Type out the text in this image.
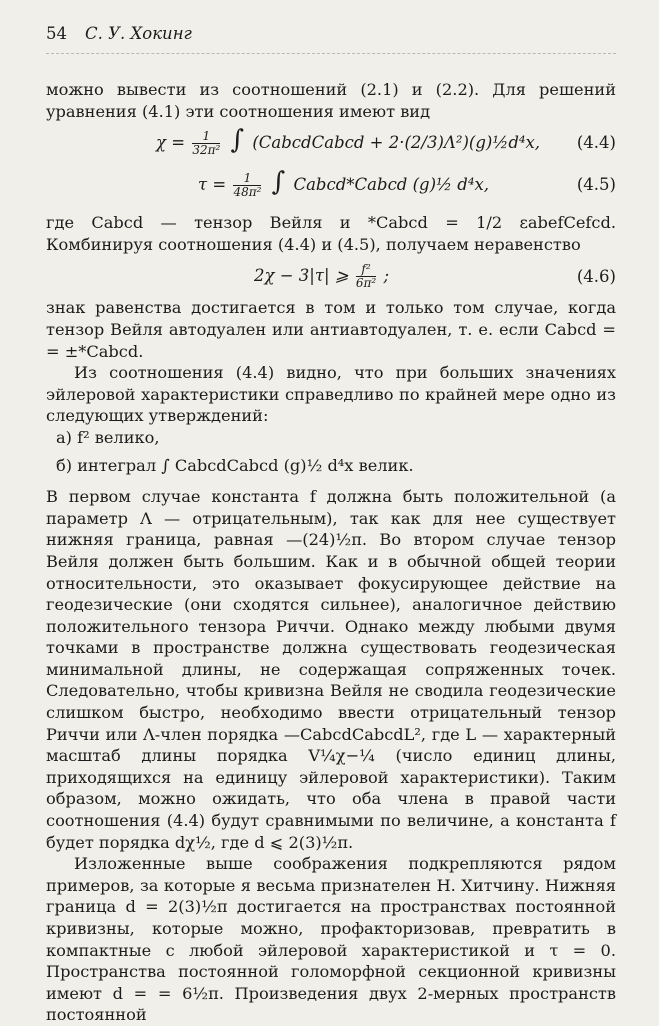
54 С. У. Хокинг

можно вывести из соотношений (2.1) и (2.2). Для решений уравнения (4.1) эти соотношения имеют вид

$\chi = \frac{1}{\text{32π²}}$ ∫ (CabcdCabcd + 2·(2/3)Λ²)(g)½d⁴x,	(4.4)
$\tau = \frac{1}{\text{48π²}}$ ∫ Cabcd*Cabcd (g)½ d⁴x,	(4.5)

где Cabcd — тензор Вейля и *Cabcd = 1/2 εabefCefcd. Комбинируя соотношения (4.4) и (4.5), получаем неравенство

2χ − 3|τ| ⩾ $\frac{\text{f²}}{\text{6π²}}$ ;	(4.6)

знак равенства достигается в том и только том случае, когда тензор Вейля автодуален или антиавтодуален, т. е. если Cabcd = = ±*Cabcd.

Из соотношения (4.4) видно, что при больших значениях эйлеровой характеристики справедливо по крайней мере одно из следующих утверждений:

а) f² велико,

б) интеграл ∫ CabcdCabcd (g)½ d⁴x велик.

В первом случае константа f должна быть положительной (а параметр Λ — отрицательным), так как для нее существует нижняя граница, равная —(24)½π. Во втором случае тензор Вейля должен быть большим. Как и в обычной общей теории относительности, это оказывает фокусирующее действие на геодезические (они сходятся сильнее), аналогичное действию положительного тензора Риччи. Однако между любыми двумя точками в пространстве должна существовать геодезическая минимальной длины, не содержащая сопряженных точек. Следовательно, чтобы кривизна Вейля не сводила геодезические слишком быстро, необходимо ввести отрицательный тензор Риччи или Λ-член порядка —CabcdCabcdL², где L — характерный масштаб длины порядка V¼χ−¼ (число единиц длины, приходящихся на единицу эйлеровой характеристики). Таким образом, можно ожидать, что оба члена в правой части соотношения (4.4) будут сравнимыми по величине, а константа f будет порядка dχ½, где d ⩽ 2(3)½π.

Изложенные выше соображения подкрепляются рядом примеров, за которые я весьма признателен Н. Хитчину. Нижняя граница d = 2(3)½π достигается на пространствах постоянной кривизны, которые можно, профакторизовав, превратить в компактные с любой эйлеровой характеристикой и τ = 0. Пространства постоянной голоморфной секционной кривизны имеют d = = 6½π. Произведения двух 2-мерных пространств постоянной
